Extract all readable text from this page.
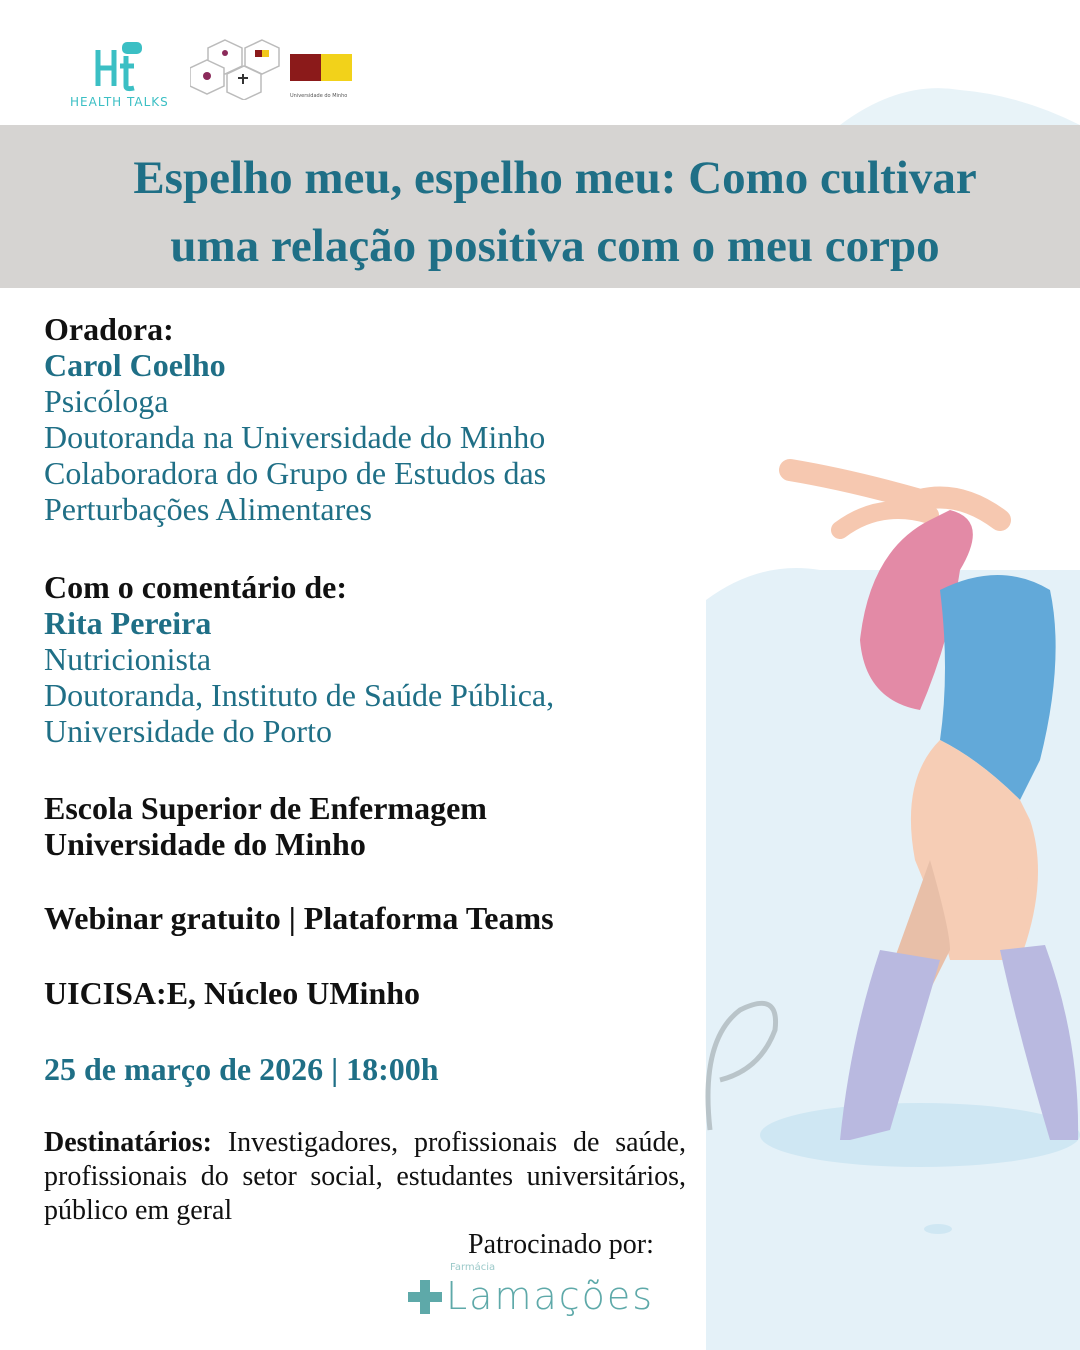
HEALTH TALKS	Universidade do Minho
Espelho meu, espelho meu: Como cultivar
uma relação positiva com o meu corpo
Oradora:
Carol Coelho
Psicóloga
Doutoranda na Universidade do Minho
Colaboradora do Grupo de Estudos das
Perturbações Alimentares
Com o comentário de:
Rita Pereira
Nutricionista
Doutoranda, Instituto de Saúde Pública,
Universidade do Porto
Escola Superior de Enfermagem
Universidade do Minho
Webinar gratuito | Plataforma Teams
UICISA:E, Núcleo UMinho
25 de março de 2026 | 18:00h
Destinatários: Investigadores, profissionais de saúde, profissionais do setor social, estudantes universitários, público em geral
Patrocinado por:
Farmácia
Lamações
